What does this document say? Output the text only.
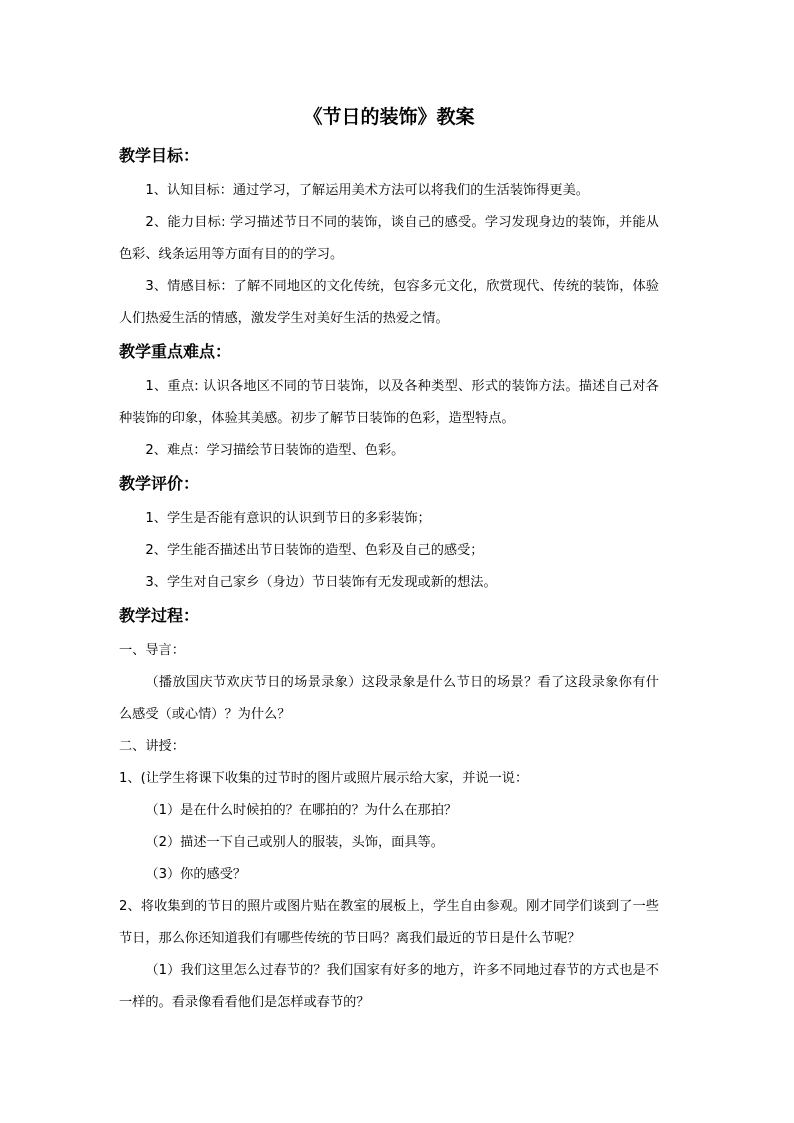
《节日的装饰》教案
教学目标：

1、认知目标：通过学习，了解运用美术方法可以将我们的生活装饰得更美。

2、能力目标: 学习描述节日不同的装饰，谈自己的感受。学习发现身边的装饰，并能从色彩、线条运用等方面有目的的学习。

3、情感目标：了解不同地区的文化传统，包容多元文化，欣赏现代、传统的装饰，体验人们热爱生活的情感，激发学生对美好生活的热爱之情。

教学重点难点：

1、重点: 认识各地区不同的节日装饰，以及各种类型、形式的装饰方法。描述自己对各种装饰的印象，体验其美感。初步了解节日装饰的色彩，造型特点。

2、难点：学习描绘节日装饰的造型、色彩。

教学评价：

1、学生是否能有意识的认识到节日的多彩装饰；

2、学生能否描述出节日装饰的造型、色彩及自己的感受；

3、学生对自己家乡（身边）节日装饰有无发现或新的想法。

教学过程：

一、导言：

（播放国庆节欢庆节日的场景录象）这段录象是什么节日的场景？看了这段录象你有什么感受（或心情）？为什么？

二、讲授：

1、(让学生将课下收集的过节时的图片或照片展示给大家，并说一说：

（1）是在什么时候拍的？在哪拍的？为什么在那拍？

（2）描述一下自己或别人的服装，头饰，面具等。

（3）你的感受？

2、将收集到的节日的照片或图片贴在教室的展板上，学生自由参观。刚才同学们谈到了一些节日，那么你还知道我们有哪些传统的节日吗？离我们最近的节日是什么节呢？

（1）我们这里怎么过春节的？我们国家有好多的地方，许多不同地过春节的方式也是不一样的。看录像看看他们是怎样或春节的？
